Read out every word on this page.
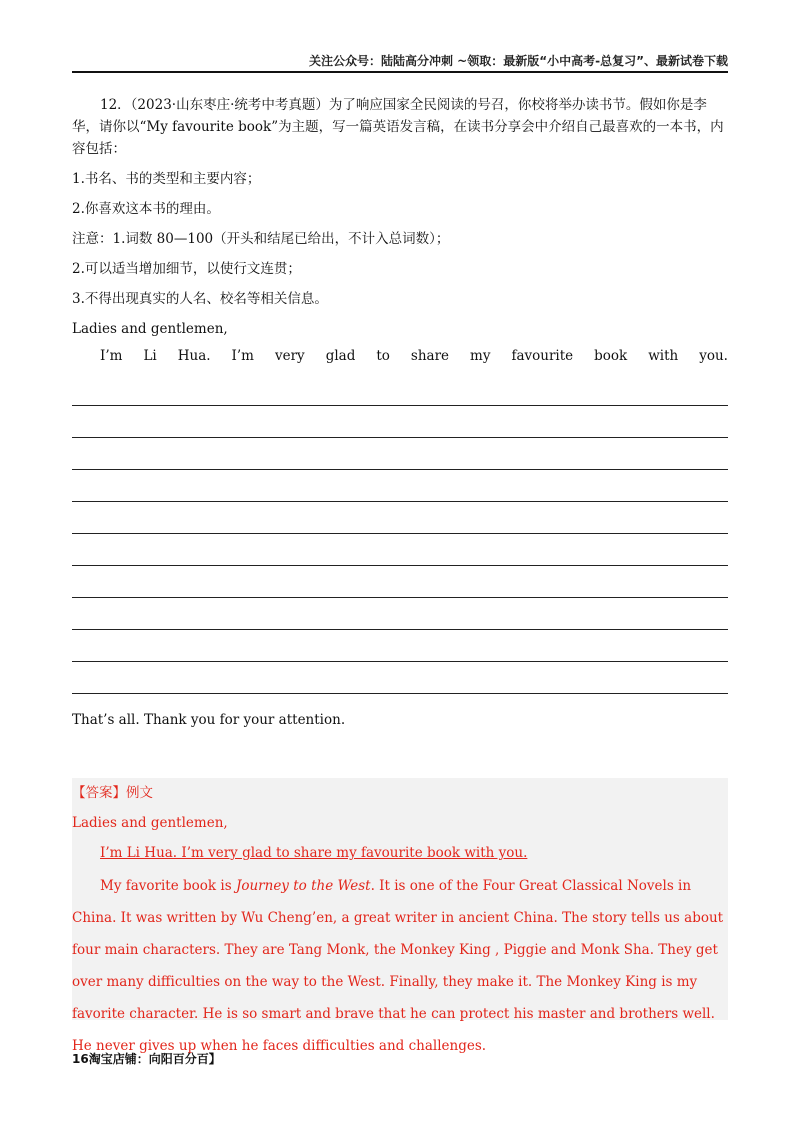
关注公众号：陆陆高分冲刺 ~领取：最新版“小中高考-总复习”、最新试卷下载

12．（2023·山东枣庄·统考中考真题）为了响应国家全民阅读的号召，你校将举办读书节。假如你是李华，请你以“My favourite book”为主题，写一篇英语发言稿，在读书分享会中介绍自己最喜欢的一本书，内容包括：

1.书名、书的类型和主要内容；

2.你喜欢这本书的理由。

注意：1.词数 80—100（开头和结尾已给出，不计入总词数）；

2.可以适当增加细节，以使行文连贯；

3.不得出现真实的人名、校名等相关信息。

Ladies and gentlemen,

I’m Li Hua. I’m very glad to share my favourite book with you.
That’s all. Thank you for your attention.
【答案】例文
Ladies and gentlemen,
I’m Li Hua. I’m very glad to share my favourite book with you.
My favorite book is Journey to the West. It is one of the Four Great Classical Novels in China. It was written by Wu Cheng’en, a great writer in ancient China. The story tells us about four main characters. They are Tang Monk, the Monkey King , Piggie and Monk Sha. They get over many difficulties on the way to the West. Finally, they make it. The Monkey King is my favorite character. He is so smart and brave that he can protect his master and brothers well. He never gives up when he faces difficulties and challenges.
16淘宝店铺：向阳百分百】
